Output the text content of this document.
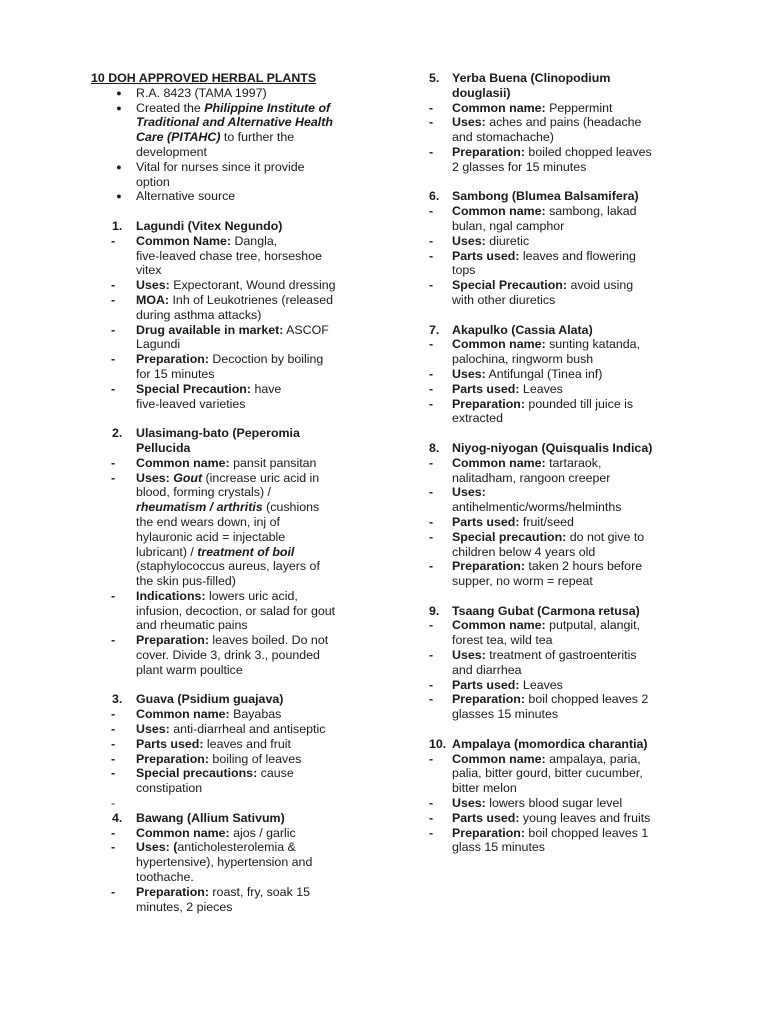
10 DOH APPROVED HERBAL PLANTS
● R.A. 8423 (TAMA 1997)
● Created the Philippine Institute of
Traditional and Alternative Health
Care (PITAHC) to further the
development
● Vital for nurses since it provide
option
● Alternative source
1. Lagundi (Vitex Negundo)
- Common Name: Dangla,
five-leaved chase tree, horseshoe
vitex
- Uses: Expectorant, Wound dressing
- MOA: Inh of Leukotrienes (released
during asthma attacks)
- Drug available in market: ASCOF
Lagundi
- Preparation: Decoction by boiling
for 15 minutes
- Special Precaution: have
five-leaved varieties
2. Ulasimang-bato (Peperomia
Pellucida
- Common name: pansit pansitan
- Uses: Gout (increase uric acid in
blood, forming crystals) /
rheumatism / arthritis (cushions
the end wears down, inj of
hylauronic acid = injectable
lubricant) / treatment of boil
(staphylococcus aureus, layers of
the skin pus-filled)
- Indications: lowers uric acid,
infusion, decoction, or salad for gout
and rheumatic pains
- Preparation: leaves boiled. Do not
cover. Divide 3, drink 3., pounded
plant warm poultice
3. Guava (Psidium guajava)
- Common name: Bayabas
- Uses: anti-diarrheal and antiseptic
- Parts used: leaves and fruit
- Preparation: boiling of leaves
- Special precautions: cause
constipation
-
4. Bawang (Allium Sativum)
- Common name: ajos / garlic
- Uses: (anticholesterolemia &
hypertensive), hypertension and
toothache.
- Preparation: roast, fry, soak 15
minutes, 2 pieces
5. Yerba Buena (Clinopodium
douglasii)
- Common name: Peppermint
- Uses: aches and pains (headache
and stomachache)
- Preparation: boiled chopped leaves
2 glasses for 15 minutes
6. Sambong (Blumea Balsamifera)
- Common name: sambong, lakad
bulan, ngal camphor
- Uses: diuretic
- Parts used: leaves and flowering
tops
- Special Precaution: avoid using
with other diuretics
7. Akapulko (Cassia Alata)
- Common name: sunting katanda,
palochina, ringworm bush
- Uses: Antifungal (Tinea inf)
- Parts used: Leaves
- Preparation: pounded till juice is
extracted
8. Niyog-niyogan (Quisqualis Indica)
- Common name: tartaraok,
nalitadham, rangoon creeper
- Uses:
antihelmentic/worms/helminths
- Parts used: fruit/seed
- Special precaution: do not give to
children below 4 years old
- Preparation: taken 2 hours before
supper, no worm = repeat
9. Tsaang Gubat (Carmona retusa)
- Common name: putputal, alangit,
forest tea, wild tea
- Uses: treatment of gastroenteritis
and diarrhea
- Parts used: Leaves
- Preparation: boil chopped leaves 2
glasses 15 minutes
10. Ampalaya (momordica charantia)
- Common name: ampalaya, paria,
palia, bitter gourd, bitter cucumber,
bitter melon
- Uses: lowers blood sugar level
- Parts used: young leaves and fruits
- Preparation: boil chopped leaves 1
glass 15 minutes
